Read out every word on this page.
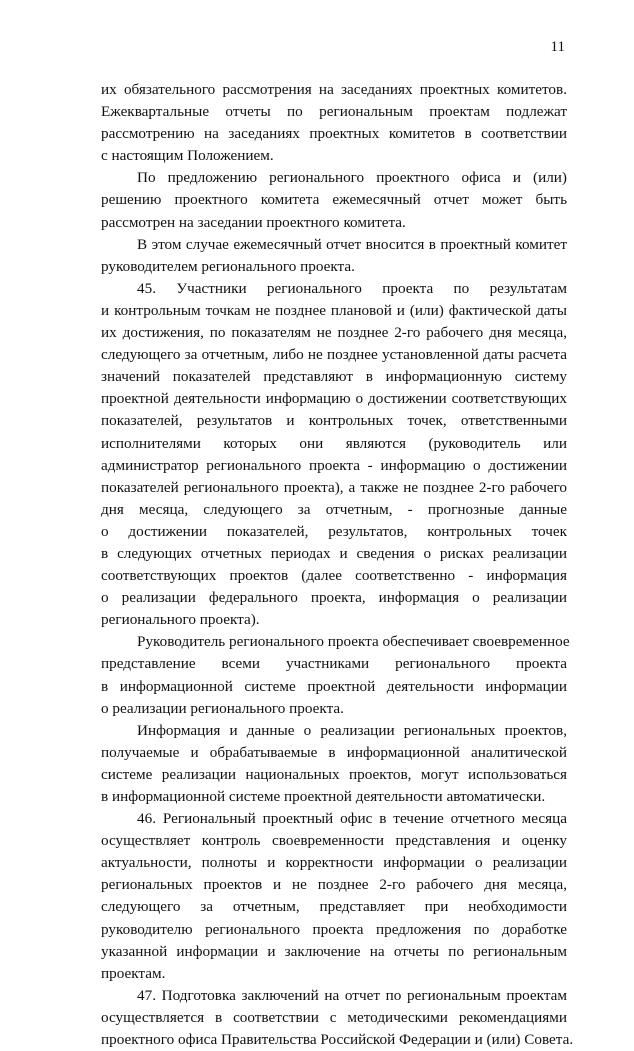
11

их обязательного рассмотрения на заседаниях проектных комитетов.
Ежеквартальные отчеты по региональным проектам подлежат
рассмотрению на заседаниях проектных комитетов в соответствии
с настоящим Положением.

По предложению регионального проектного офиса и (или)
решению проектного комитета ежемесячный отчет может быть
рассмотрен на заседании проектного комитета.

В этом случае ежемесячный отчет вносится в проектный комитет
руководителем регионального проекта.

45. Участники регионального проекта по результатам
и контрольным точкам не позднее плановой и (или) фактической даты
их достижения, по показателям не позднее 2-го рабочего дня месяца,
следующего за отчетным, либо не позднее установленной даты расчета
значений показателей представляют в информационную систему
проектной деятельности информацию о достижении соответствующих
показателей, результатов и контрольных точек, ответственными
исполнителями которых они являются (руководитель или
администратор регионального проекта - информацию о достижении
показателей регионального проекта), а также не позднее 2-го рабочего
дня месяца, следующего за отчетным, - прогнозные данные
о достижении показателей, результатов, контрольных точек
в следующих отчетных периодах и сведения о рисках реализации
соответствующих проектов (далее соответственно - информация
о реализации федерального проекта, информация о реализации
регионального проекта).

Руководитель регионального проекта обеспечивает своевременное
представление всеми участниками регионального проекта
в информационной системе проектной деятельности информации
о реализации регионального проекта.

Информация и данные о реализации региональных проектов,
получаемые и обрабатываемые в информационной аналитической
системе реализации национальных проектов, могут использоваться
в информационной системе проектной деятельности автоматически.

46. Региональный проектный офис в течение отчетного месяца
осуществляет контроль своевременности представления и оценку
актуальности, полноты и корректности информации о реализации
региональных проектов и не позднее 2-го рабочего дня месяца,
следующего за отчетным, представляет при необходимости
руководителю регионального проекта предложения по доработке
указанной информации и заключение на отчеты по региональным
проектам.

47. Подготовка заключений на отчет по региональным проектам
осуществляется в соответствии с методическими рекомендациями
проектного офиса Правительства Российской Федерации и (или) Совета.
